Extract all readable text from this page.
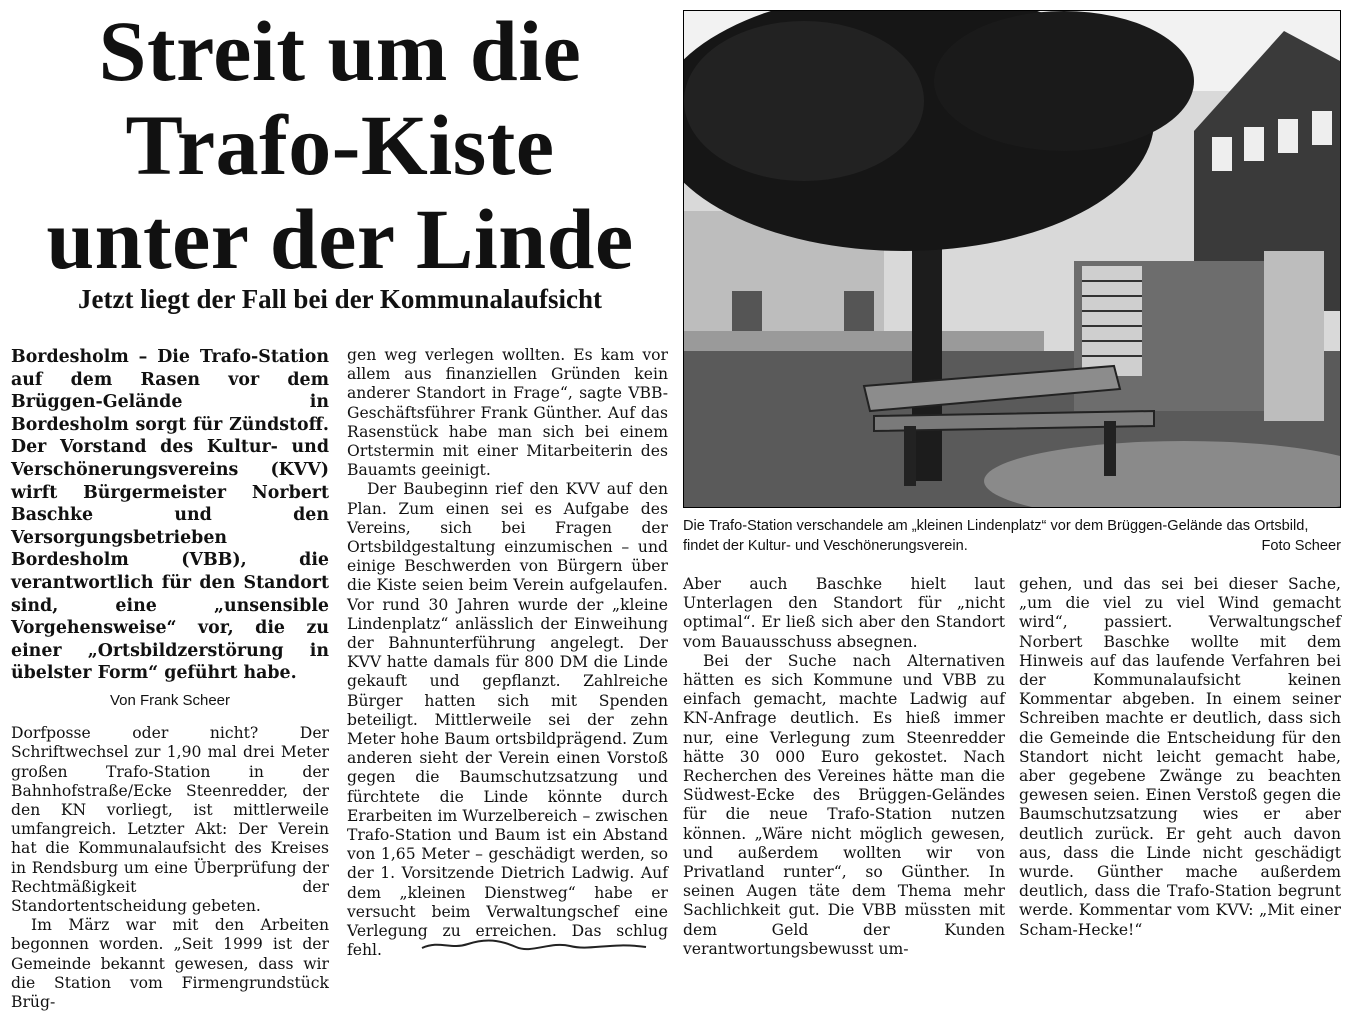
Streit um die
Trafo-Kiste
unter der Linde
Jetzt liegt der Fall bei der Kommunalaufsicht

Bordesholm – Die Trafo-Station auf dem Rasen vor dem Brüggen-Gelände in Bordesholm sorgt für Zündstoff. Der Vorstand des Kultur- und Verschönerungsvereins (KVV) wirft Bürgermeister Norbert Baschke und den Versorgungsbetrieben Bordesholm (VBB), die verantwortlich für den Standort sind, eine „unsensible Vorgehensweise“ vor, die zu einer „Ortsbildzerstörung in übelster Form“ geführt habe.

Von Frank Scheer

Dorfposse oder nicht? Der Schriftwechsel zur 1,90 mal drei Meter großen Trafo-Station in der Bahnhofstraße/Ecke Steenredder, der den KN vorliegt, ist mittlerweile umfangreich. Letzter Akt: Der Verein hat die Kommunalaufsicht des Kreises in Rendsburg um eine Überprüfung der Rechtmäßigkeit der Standortentscheidung gebeten.

Im März war mit den Arbeiten begonnen worden. „Seit 1999 ist der Gemeinde bekannt gewesen, dass wir die Station vom Firmengrundstück Brüg-

gen weg verlegen wollten. Es kam vor allem aus finanziellen Gründen kein anderer Standort in Frage“, sagte VBB-Geschäftsführer Frank Günther. Auf das Rasenstück habe man sich bei einem Ortstermin mit einer Mitarbeiterin des Bauamts geeinigt.

Der Baubeginn rief den KVV auf den Plan. Zum einen sei es Aufgabe des Vereins, sich bei Fragen der Ortsbildgestaltung einzumischen – und einige Beschwerden von Bürgern über die Kiste seien beim Verein aufgelaufen. Vor rund 30 Jahren wurde der „kleine Lindenplatz“ anlässlich der Einweihung der Bahnunterführung angelegt. Der KVV hatte damals für 800 DM die Linde gekauft und gepflanzt. Zahlreiche Bürger hatten sich mit Spenden beteiligt. Mittlerweile sei der zehn Meter hohe Baum ortsbildprägend. Zum anderen sieht der Verein einen Vorstoß gegen die Baumschutzsatzung und fürchtete die Linde könnte durch Erarbeiten im Wurzelbereich – zwischen Trafo-Station und Baum ist ein Abstand von 1,65 Meter – geschädigt werden, so der 1. Vorsitzende Dietrich Ladwig. Auf dem „kleinen Dienstweg“ habe er versucht beim Verwaltungschef eine Verlegung zu erreichen. Das schlug fehl.

Die Trafo-Station verschandele am „kleinen Lindenplatz“ vor dem Brüggen-Gelände das Ortsbild, findet der Kultur- und Veschönerungsverein.	Foto Scheer

Aber auch Baschke hielt laut Unterlagen den Standort für „nicht optimal“. Er ließ sich aber den Standort vom Bauausschuss absegnen.

Bei der Suche nach Alternativen hätten es sich Kommune und VBB zu einfach gemacht, machte Ladwig auf KN-Anfrage deutlich. Es hieß immer nur, eine Verlegung zum Steenredder hätte 30 000 Euro gekostet. Nach Recherchen des Vereines hätte man die Südwest-Ecke des Brüggen-Geländes für die neue Trafo-Station nutzen können. „Wäre nicht möglich gewesen, und außerdem wollten wir von Privatland runter“, so Günther. In seinen Augen täte dem Thema mehr Sachlichkeit gut. Die VBB müssten mit dem Geld der Kunden verantwortungsbewusst um-

gehen, und das sei bei dieser Sache, „um die viel zu viel Wind gemacht wird“, passiert. Verwaltungschef Norbert Baschke wollte mit dem Hinweis auf das laufende Verfahren bei der Kommunalaufsicht keinen Kommentar abgeben. In einem seiner Schreiben machte er deutlich, dass sich die Gemeinde die Entscheidung für den Standort nicht leicht gemacht habe, aber gegebene Zwänge zu beachten gewesen seien. Einen Verstoß gegen die Baumschutzsatzung wies er aber deutlich zurück. Er geht auch davon aus, dass die Linde nicht geschädigt wurde. Günther mache außerdem deutlich, dass die Trafo-Station begrunt werde. Kommentar vom KVV: „Mit einer Scham-Hecke!“
